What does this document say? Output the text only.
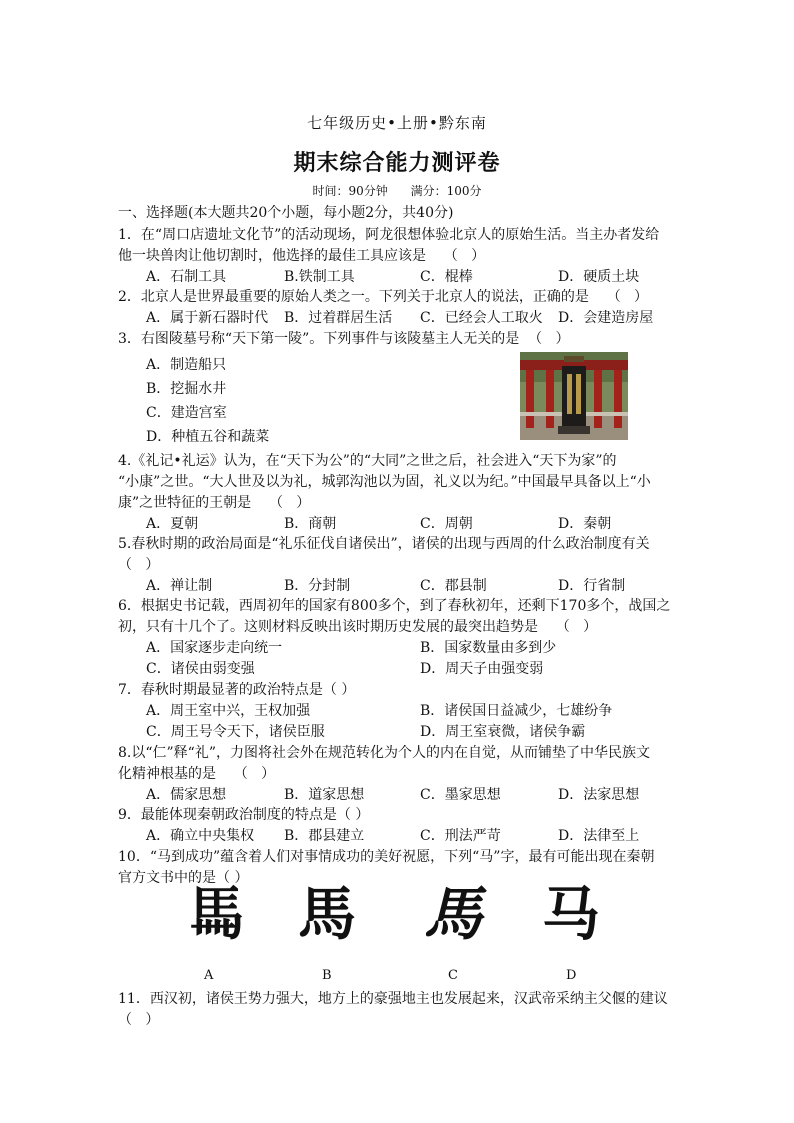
七年级历史•上册•黔东南
期末综合能力测评卷
时间：90分钟      满分：100分
一、选择题(本大题共20个小题，每小题2分，共40分)
1．在“周口店遗址文化节”的活动现场，阿龙很想体验北京人的原始生活。当主办者发给
他一块兽肉让他切割时，他选择的最佳工具应该是    （   ）
A．石制工具	B.铁制工具	C．棍棒	D．硬质土块
2．北京人是世界最重要的原始人类之一。下列关于北京人的说法，正确的是    （   ）
A．属于新石器时代 B．过着群居生活 C．已经会人工取火 D．会建造房屋
3．右图陵墓号称“天下第一陵”。下列事件与该陵墓主人无关的是  （   ）
A．制造船只
B．挖掘水井
C．建造宫室
D．种植五谷和蔬菜
4.《礼记•礼运》认为，在“天下为公”的“大同”之世之后，社会进入“天下为家”的
“小康”之世。“大人世及以为礼，城郭沟池以为固，礼义以为纪。”中国最早具备以上“小
康”之世特征的王朝是    （   ）
A．夏朝	B．商朝	C．周朝	D．秦朝
5.春秋时期的政治局面是“礼乐征伐自诸侯出”，诸侯的出现与西周的什么政治制度有关
（   ）
A．禅让制	B．分封制	C．郡县制	D．行省制
6．根据史书记载，西周初年的国家有800多个，到了春秋初年，还剩下170多个，战国之
初，只有十几个了。这则材料反映出该时期历史发展的最突出趋势是    （   ）
A．国家逐步走向统一	B．国家数量由多到少
C．诸侯由弱变强	D．周天子由强变弱
7．春秋时期最显著的政治特点是（ ）
A．周王室中兴，王权加强	B．诸侯国日益减少，七雄纷争
C．周王号令天下，诸侯臣服	D．周王室衰微，诸侯争霸
8.以“仁”释“礼”，力图将社会外在规范转化为个人的内在自觉，从而铺垫了中华民族文
化精神根基的是    （   ）
A．儒家思想	B．道家思想	C．墨家思想	D．法家思想
9．最能体现秦朝政治制度的特点是（ ）
A．确立中央集权 B．郡县建立	C．刑法严苛	D．法律至上
10．“马到成功”蕴含着人们对事情成功的美好祝愿，下列“马”字，最有可能出现在秦朝
官方文书中的是（ ）
𩡧 馬 馬 马
A	B	C	D
11．西汉初，诸侯王势力强大，地方上的豪强地主也发展起来，汉武帝采纳主父偃的建议
（   ）
